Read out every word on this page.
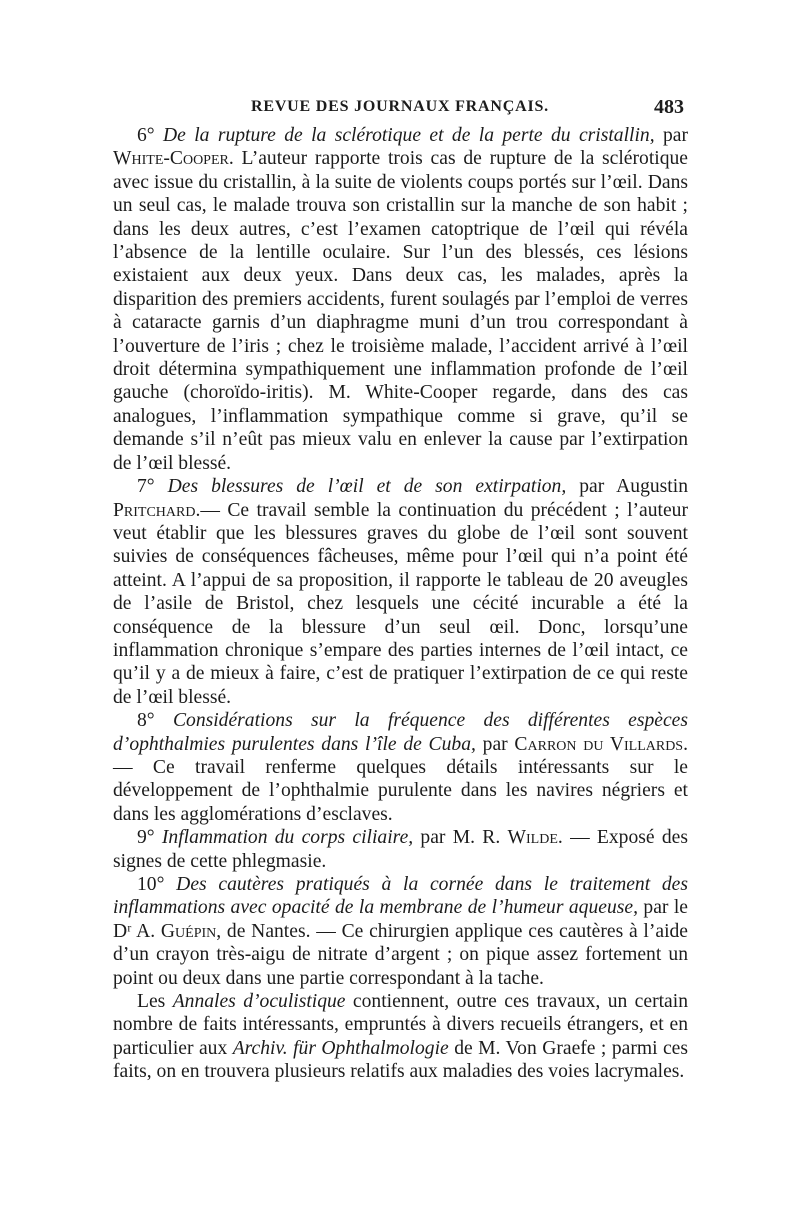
REVUE DES JOURNAUX FRANÇAIS.	483

6° De la rupture de la sclérotique et de la perte du cristallin, par White-Cooper. L’auteur rapporte trois cas de rupture de la sclérotique avec issue du cristallin, à la suite de violents coups portés sur l’œil. Dans un seul cas, le malade trouva son cristallin sur la manche de son habit ; dans les deux autres, c’est l’examen catoptrique de l’œil qui révéla l’absence de la lentille oculaire. Sur l’un des blessés, ces lésions existaient aux deux yeux. Dans deux cas, les malades, après la disparition des premiers accidents, furent soulagés par l’emploi de verres à cataracte garnis d’un diaphragme muni d’un trou correspondant à l’ouverture de l’iris ; chez le troisième malade, l’accident arrivé à l’œil droit détermina sympathiquement une inflammation profonde de l’œil gauche (choroïdo-iritis). M. White-Cooper regarde, dans des cas analogues, l’inflammation sympathique comme si grave, qu’il se demande s’il n’eût pas mieux valu en enlever la cause par l’extirpation de l’œil blessé.

7° Des blessures de l’œil et de son extirpation, par Augustin Pritchard.— Ce travail semble la continuation du précédent ; l’auteur veut établir que les blessures graves du globe de l’œil sont souvent suivies de conséquences fâcheuses, même pour l’œil qui n’a point été atteint. A l’appui de sa proposition, il rapporte le tableau de 20 aveugles de l’asile de Bristol, chez lesquels une cécité incurable a été la conséquence de la blessure d’un seul œil. Donc, lorsqu’une inflammation chronique s’empare des parties internes de l’œil intact, ce qu’il y a de mieux à faire, c’est de pratiquer l’extirpation de ce qui reste de l’œil blessé.

8° Considérations sur la fréquence des différentes espèces d’ophthalmies purulentes dans l’île de Cuba, par Carron du Villards. — Ce travail renferme quelques détails intéressants sur le développement de l’ophthalmie purulente dans les navires négriers et dans les agglomérations d’esclaves.

9° Inflammation du corps ciliaire, par M. R. Wilde. — Exposé des signes de cette phlegmasie.

10° Des cautères pratiqués à la cornée dans le traitement des inflammations avec opacité de la membrane de l’humeur aqueuse, par le Dʳ A. Guépin, de Nantes. — Ce chirurgien applique ces cautères à l’aide d’un crayon très-aigu de nitrate d’argent ; on pique assez fortement un point ou deux dans une partie correspondant à la tache.

Les Annales d’oculistique contiennent, outre ces travaux, un certain nombre de faits intéressants, empruntés à divers recueils étrangers, et en particulier aux Archiv. für Ophthalmologie de M. Von Graefe ; parmi ces faits, on en trouvera plusieurs relatifs aux maladies des voies lacrymales.
